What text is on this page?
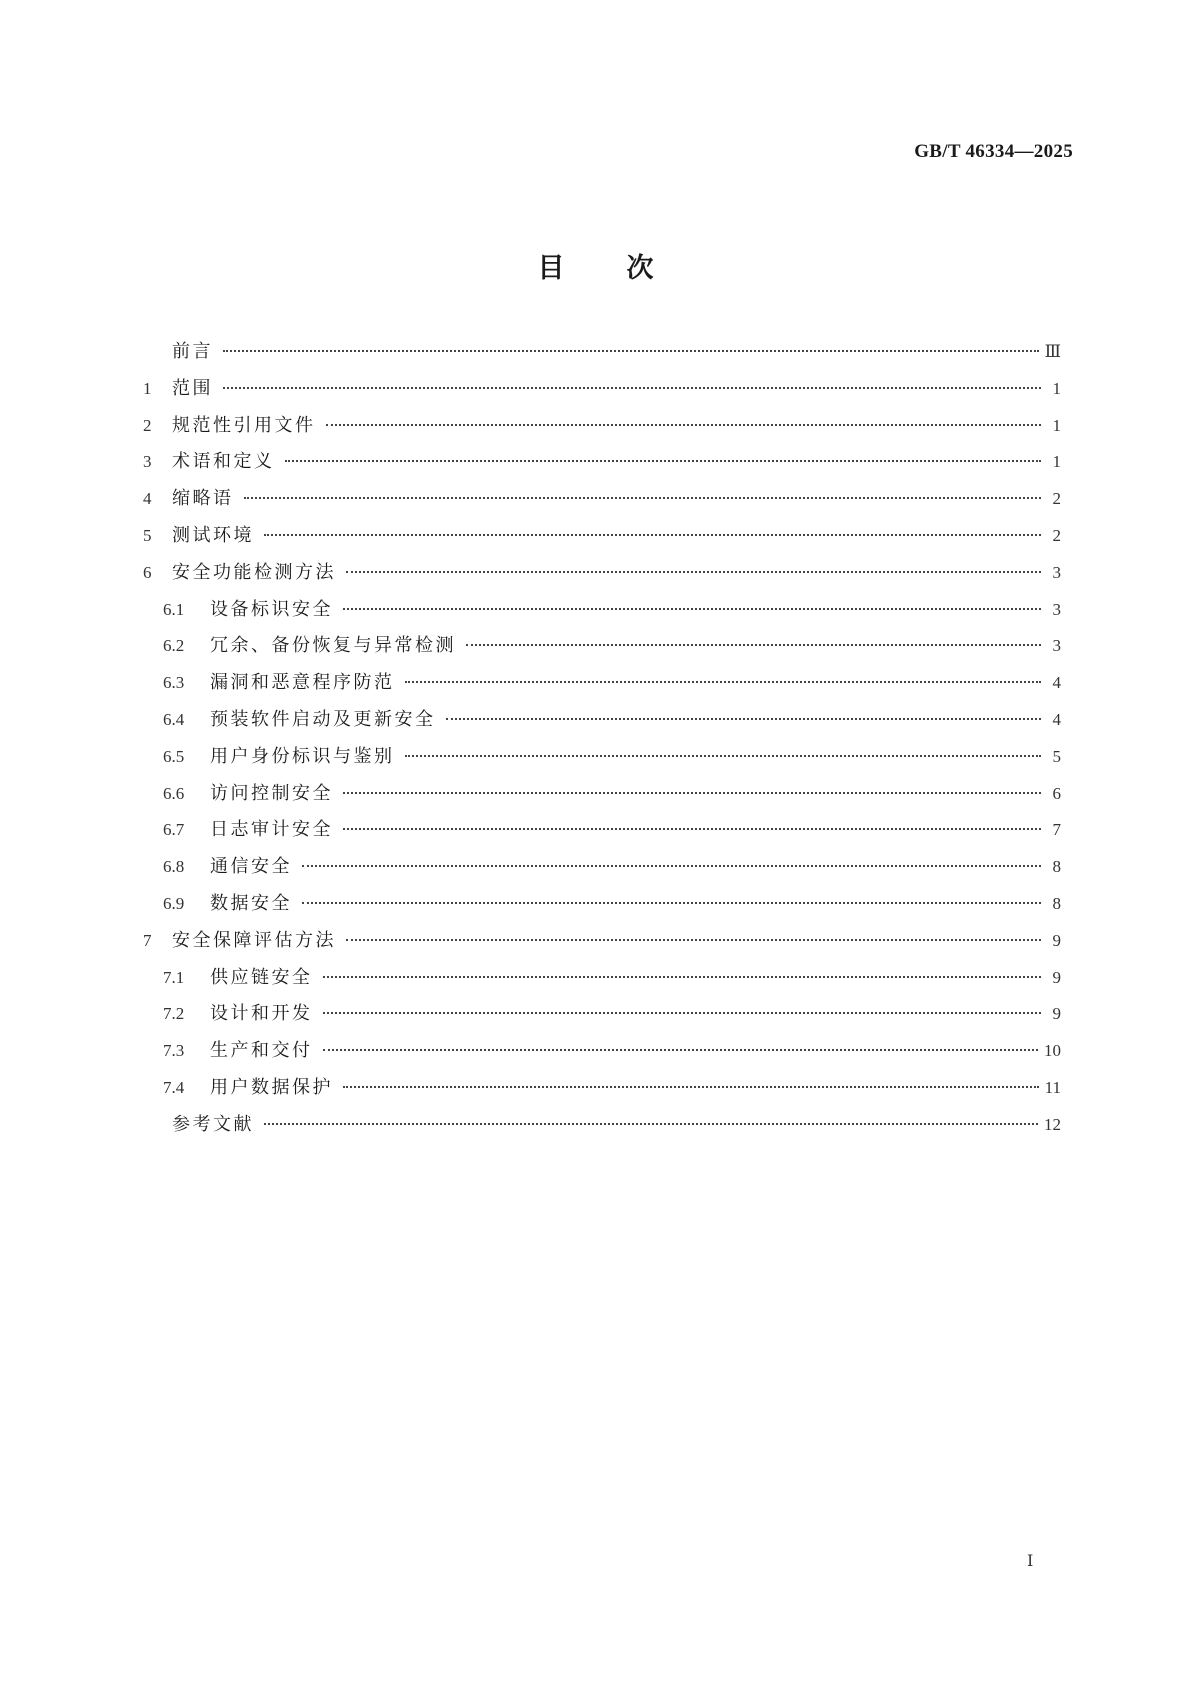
GB/T 46334—2025
目次
前言	Ⅲ
1	范围	1
2	规范性引用文件	1
3	术语和定义	1
4	缩略语	2
5	测试环境	2
6	安全功能检测方法	3
6.1	设备标识安全	3
6.2	冗余、备份恢复与异常检测	3
6.3	漏洞和恶意程序防范	4
6.4	预装软件启动及更新安全	4
6.5	用户身份标识与鉴别	5
6.6	访问控制安全	6
6.7	日志审计安全	7
6.8	通信安全	8
6.9	数据安全	8
7	安全保障评估方法	9
7.1	供应链安全	9
7.2	设计和开发	9
7.3	生产和交付	10
7.4	用户数据保护	11
参考文献	12
Ⅰ
